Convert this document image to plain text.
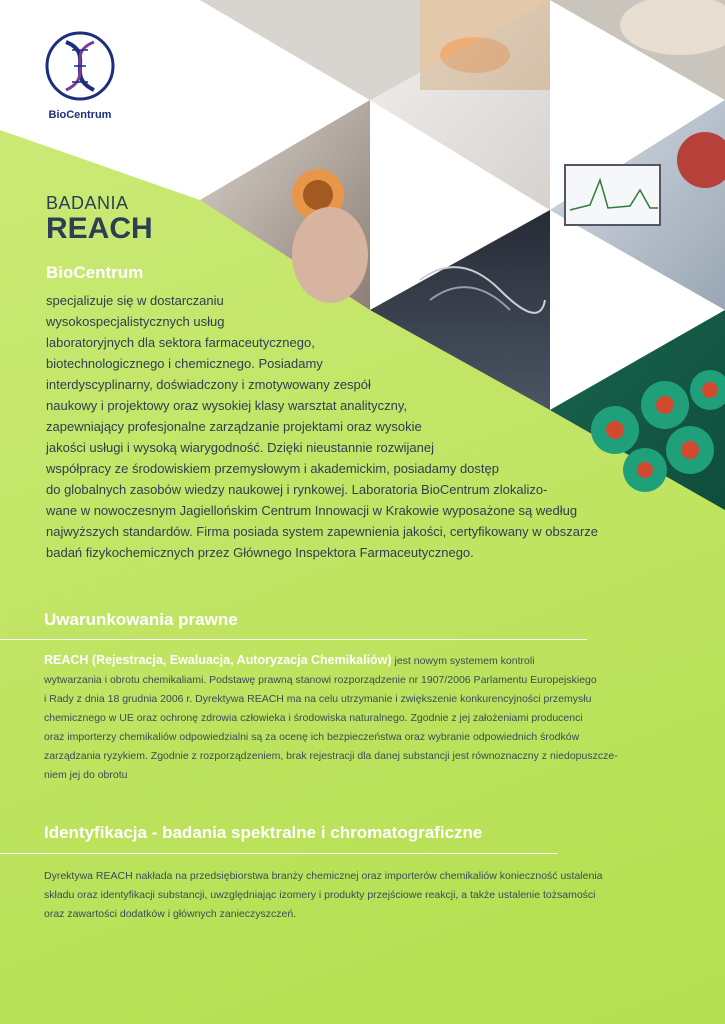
BioCentrum
BADANIA
REACH
BioCentrum

specjalizuje się w dostarczaniu
wysokospecjalistycznych usług
laboratoryjnych dla sektora farmaceutycznego,
biotechnologicznego i chemicznego. Posiadamy
interdyscyplinarny, doświadczony i zmotywowany zespół
naukowy i projektowy oraz wysokiej klasy warsztat analityczny,
zapewniający profesjonalne zarządzanie projektami oraz wysokie
jakości usługi i wysoką wiarygodność. Dzięki nieustannie rozwijanej
współpracy ze środowiskiem przemysłowym i akademickim, posiadamy dostęp
do globalnych zasobów wiedzy naukowej i rynkowej. Laboratoria BioCentrum zlokalizo-
wane w nowoczesnym Jagiellońskim Centrum Innowacji w Krakowie wyposażone są według
najwyższych standardów. Firma posiada system zapewnienia jakości, certyfikowany w obszarze
badań fizykochemicznych przez Głównego Inspektora Farmaceutycznego.

Uwarunkowania prawne

REACH (Rejestracja, Ewaluacja, Autoryzacja Chemikaliów) jest nowym systemem kontroli
wytwarzania i obrotu chemikaliami. Podstawę prawną stanowi rozporządzenie nr 1907/2006 Parlamentu Europejskiego
i Rady z dnia 18 grudnia 2006 r. Dyrektywa REACH ma na celu utrzymanie i zwiększenie konkurencyjności przemysłu
chemicznego w UE oraz ochronę zdrowia człowieka i środowiska naturalnego. Zgodnie z jej założeniami producenci
oraz importerzy chemikaliów odpowiedzialni są za ocenę ich bezpieczeństwa oraz wybranie odpowiednich środków
zarządzania ryzykiem. Zgodnie z rozporządzeniem, brak rejestracji dla danej substancji jest równoznaczny z niedopuszcze-
niem jej do obrotu

Identyfikacja - badania spektralne i chromatograficzne

Dyrektywa REACH nakłada na przedsiębiorstwa branży chemicznej oraz importerów chemikaliów konieczność ustalenia
składu oraz identyfikacji substancji, uwzględniając izomery i produkty przejściowe reakcji, a także ustalenie tożsamości
oraz zawartości dodatków i głównych zanieczyszczeń.
